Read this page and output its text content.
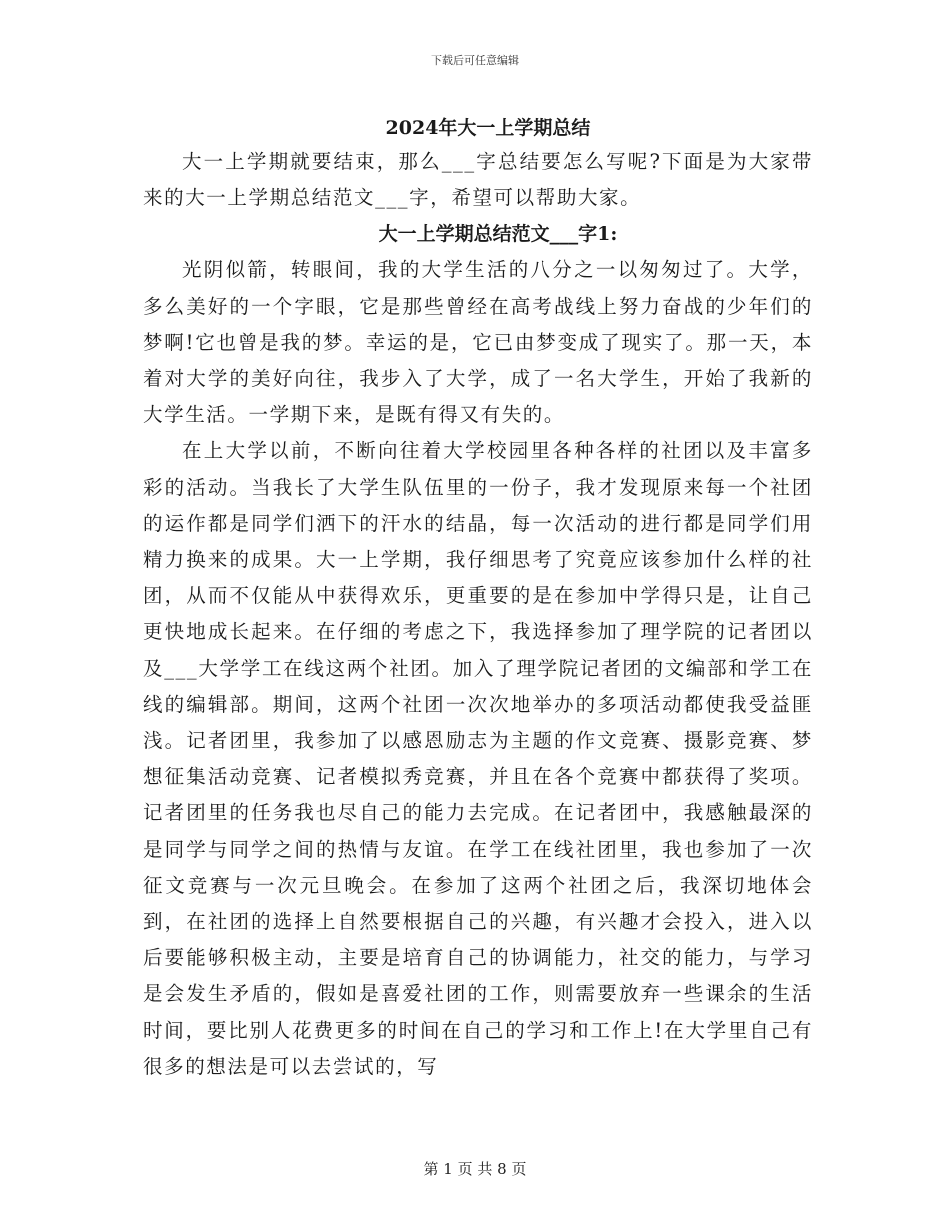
下载后可任意编辑
2024年大一上学期总结

大一上学期就要结束，那么___字总结要怎么写呢?下面是为大家带来的大一上学期总结范文___字，希望可以帮助大家。

大一上学期总结范文___字1:

光阴似箭，转眼间，我的大学生活的八分之一以匆匆过了。大学，多么美好的一个字眼，它是那些曾经在高考战线上努力奋战的少年们的梦啊!它也曾是我的梦。幸运的是，它已由梦变成了现实了。那一天，本着对大学的美好向往，我步入了大学，成了一名大学生，开始了我新的大学生活。一学期下来，是既有得又有失的。

在上大学以前，不断向往着大学校园里各种各样的社团以及丰富多彩的活动。当我长了大学生队伍里的一份子，我才发现原来每一个社团的运作都是同学们洒下的汗水的结晶，每一次活动的进行都是同学们用精力换来的成果。大一上学期，我仔细思考了究竟应该参加什么样的社团，从而不仅能从中获得欢乐，更重要的是在参加中学得只是，让自己更快地成长起来。在仔细的考虑之下，我选择参加了理学院的记者团以及___大学学工在线这两个社团。加入了理学院记者团的文编部和学工在线的编辑部。期间，这两个社团一次次地举办的多项活动都使我受益匪浅。记者团里，我参加了以感恩励志为主题的作文竞赛、摄影竞赛、梦想征集活动竞赛、记者模拟秀竞赛，并且在各个竞赛中都获得了奖项。记者团里的任务我也尽自己的能力去完成。在记者团中，我感触最深的是同学与同学之间的热情与友谊。在学工在线社团里，我也参加了一次征文竞赛与一次元旦晚会。在参加了这两个社团之后，我深切地体会到，在社团的选择上自然要根据自己的兴趣，有兴趣才会投入，进入以后要能够积极主动，主要是培育自己的协调能力，社交的能力，与学习是会发生矛盾的，假如是喜爱社团的工作，则需要放弃一些课余的生活时间，要比别人花费更多的时间在自己的学习和工作上!在大学里自己有很多的想法是可以去尝试的，写

第 1 页 共 8 页
